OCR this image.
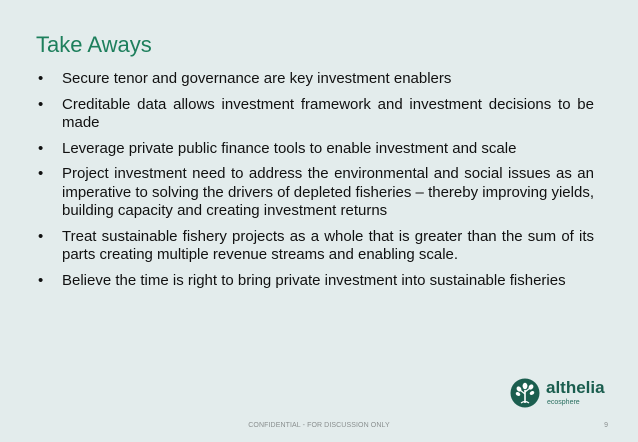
Take Aways
•	Secure tenor and governance are key investment enablers
•	Creditable data allows investment framework and investment decisions to be made
•	Leverage private public finance tools to enable investment and scale
•	Project investment need to address the environmental and social issues as an imperative to solving the drivers of depleted fisheries – thereby improving yields, building capacity and creating investment returns
•	Treat sustainable fishery projects as a whole that is greater than the sum of its parts creating multiple revenue streams and enabling scale.
•	Believe the time is right to bring private investment into sustainable fisheries
althelia
ecosphere
CONFIDENTIAL - FOR DISCUSSION ONLY	9
